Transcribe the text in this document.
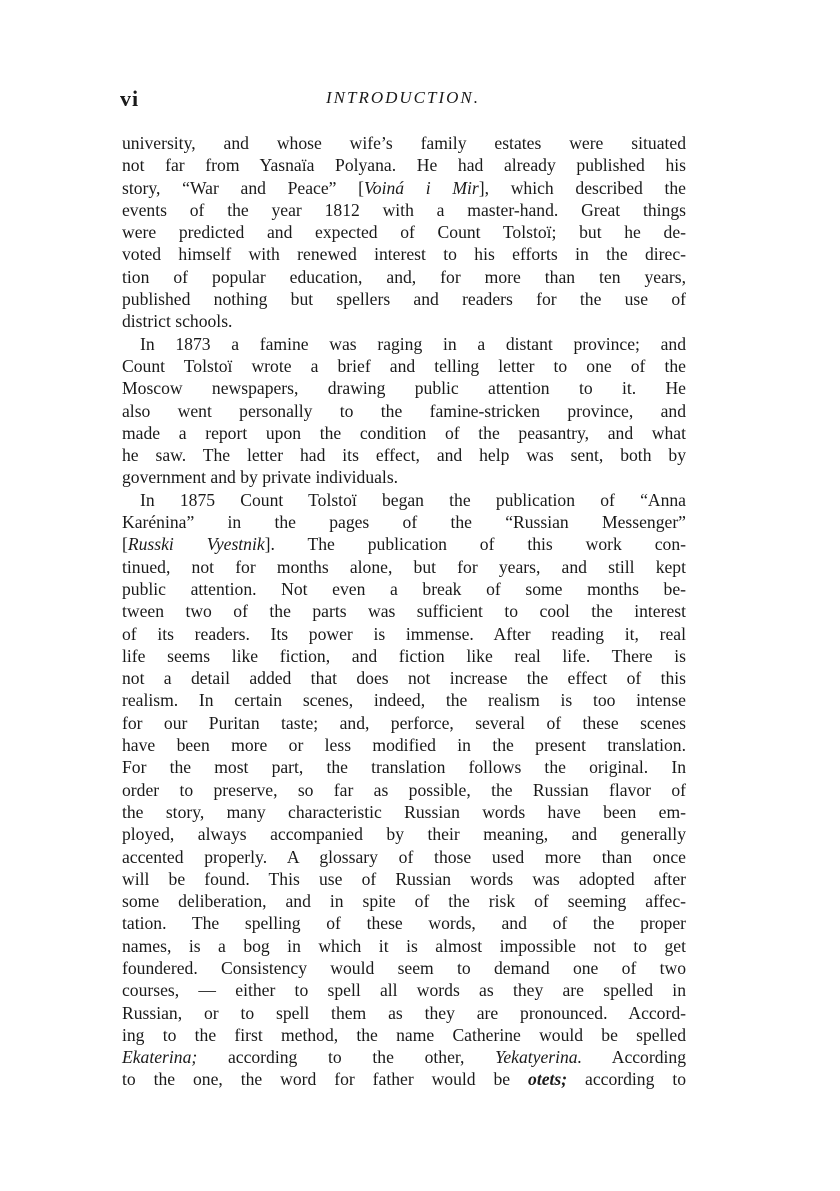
vi	INTRODUCTION.
university, and whose wife’s family estates were situated
not far from Yasnaïa Polyana. He had already published his
story, “War and Peace” [Voiná i Mir], which described the
events of the year 1812 with a master-hand. Great things
were predicted and expected of Count Tolstoï; but he de-
voted himself with renewed interest to his efforts in the direc-
tion of popular education, and, for more than ten years,
published nothing but spellers and readers for the use of
district schools.
In 1873 a famine was raging in a distant province; and
Count Tolstoï wrote a brief and telling letter to one of the
Moscow newspapers, drawing public attention to it. He
also went personally to the famine-stricken province, and
made a report upon the condition of the peasantry, and what
he saw. The letter had its effect, and help was sent, both by
government and by private individuals.
In 1875 Count Tolstoï began the publication of “Anna
Karénina” in the pages of the “Russian Messenger”
[Russki Vyestnik]. The publication of this work con-
tinued, not for months alone, but for years, and still kept
public attention. Not even a break of some months be-
tween two of the parts was sufficient to cool the interest
of its readers. Its power is immense. After reading it, real
life seems like fiction, and fiction like real life. There is
not a detail added that does not increase the effect of this
realism. In certain scenes, indeed, the realism is too intense
for our Puritan taste; and, perforce, several of these scenes
have been more or less modified in the present translation.
For the most part, the translation follows the original. In
order to preserve, so far as possible, the Russian flavor of
the story, many characteristic Russian words have been em-
ployed, always accompanied by their meaning, and generally
accented properly. A glossary of those used more than once
will be found. This use of Russian words was adopted after
some deliberation, and in spite of the risk of seeming affec-
tation. The spelling of these words, and of the proper
names, is a bog in which it is almost impossible not to get
foundered. Consistency would seem to demand one of two
courses, — either to spell all words as they are spelled in
Russian, or to spell them as they are pronounced. Accord-
ing to the first method, the name Catherine would be spelled
Ekaterina; according to the other, Yekatyerina. According
to the one, the word for father would be otets; according to
